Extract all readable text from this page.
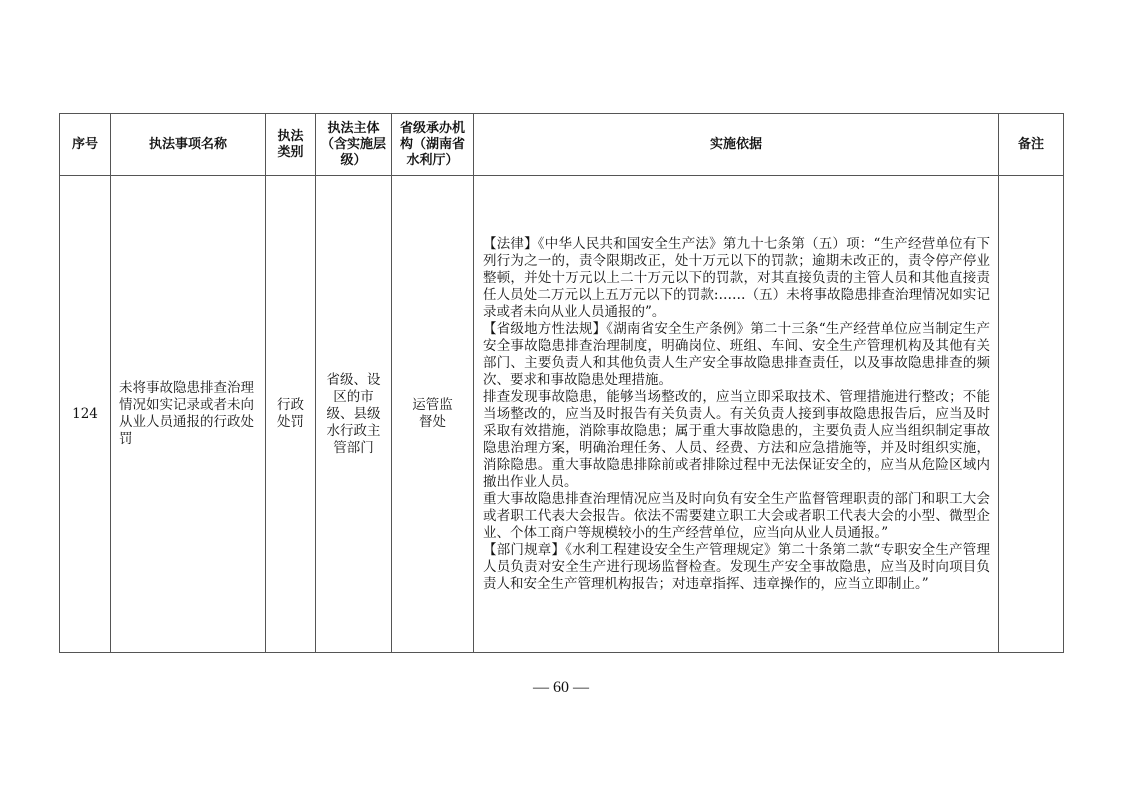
序号	执法事项名称	执法类别	执法主体（含实施层级）	省级承办机构（湖南省水利厅）	实施依据	备注
124	未将事故隐患排查治理情况如实记录或者未向从业人员通报的行政处罚	行政处罚	省级、设区的市级、县级水行政主管部门	运管监督处	【法律】《中华人民共和国安全生产法》第九十七条第（五）项：“生产经营单位有下列行为之一的，责令限期改正，处十万元以下的罚款；逾期未改正的，责令停产停业整顿，并处十万元以上二十万元以下的罚款，对其直接负责的主管人员和其他直接责任人员处二万元以上五万元以下的罚款:……（五）未将事故隐患排查治理情况如实记录或者未向从业人员通报的”。

【省级地方性法规】《湖南省安全生产条例》第二十三条“生产经营单位应当制定生产安全事故隐患排查治理制度，明确岗位、班组、车间、安全生产管理机构及其他有关部门、主要负责人和其他负责人生产安全事故隐患排查责任，以及事故隐患排查的频次、要求和事故隐患处理措施。

排查发现事故隐患，能够当场整改的，应当立即采取技术、管理措施进行整改；不能当场整改的，应当及时报告有关负责人。有关负责人接到事故隐患报告后，应当及时采取有效措施，消除事故隐患；属于重大事故隐患的，主要负责人应当组织制定事故隐患治理方案，明确治理任务、人员、经费、方法和应急措施等，并及时组织实施，消除隐患。重大事故隐患排除前或者排除过程中无法保证安全的，应当从危险区域内撤出作业人员。

重大事故隐患排查治理情况应当及时向负有安全生产监督管理职责的部门和职工大会或者职工代表大会报告。依法不需要建立职工大会或者职工代表大会的小型、微型企业、个体工商户等规模较小的生产经营单位，应当向从业人员通报。”

【部门规章】《水利工程建设安全生产管理规定》第二十条第二款“专职安全生产管理人员负责对安全生产进行现场监督检查。发现生产安全事故隐患，应当及时向项目负责人和安全生产管理机构报告；对违章指挥、违章操作的，应当立即制止。”	

— 60 —
